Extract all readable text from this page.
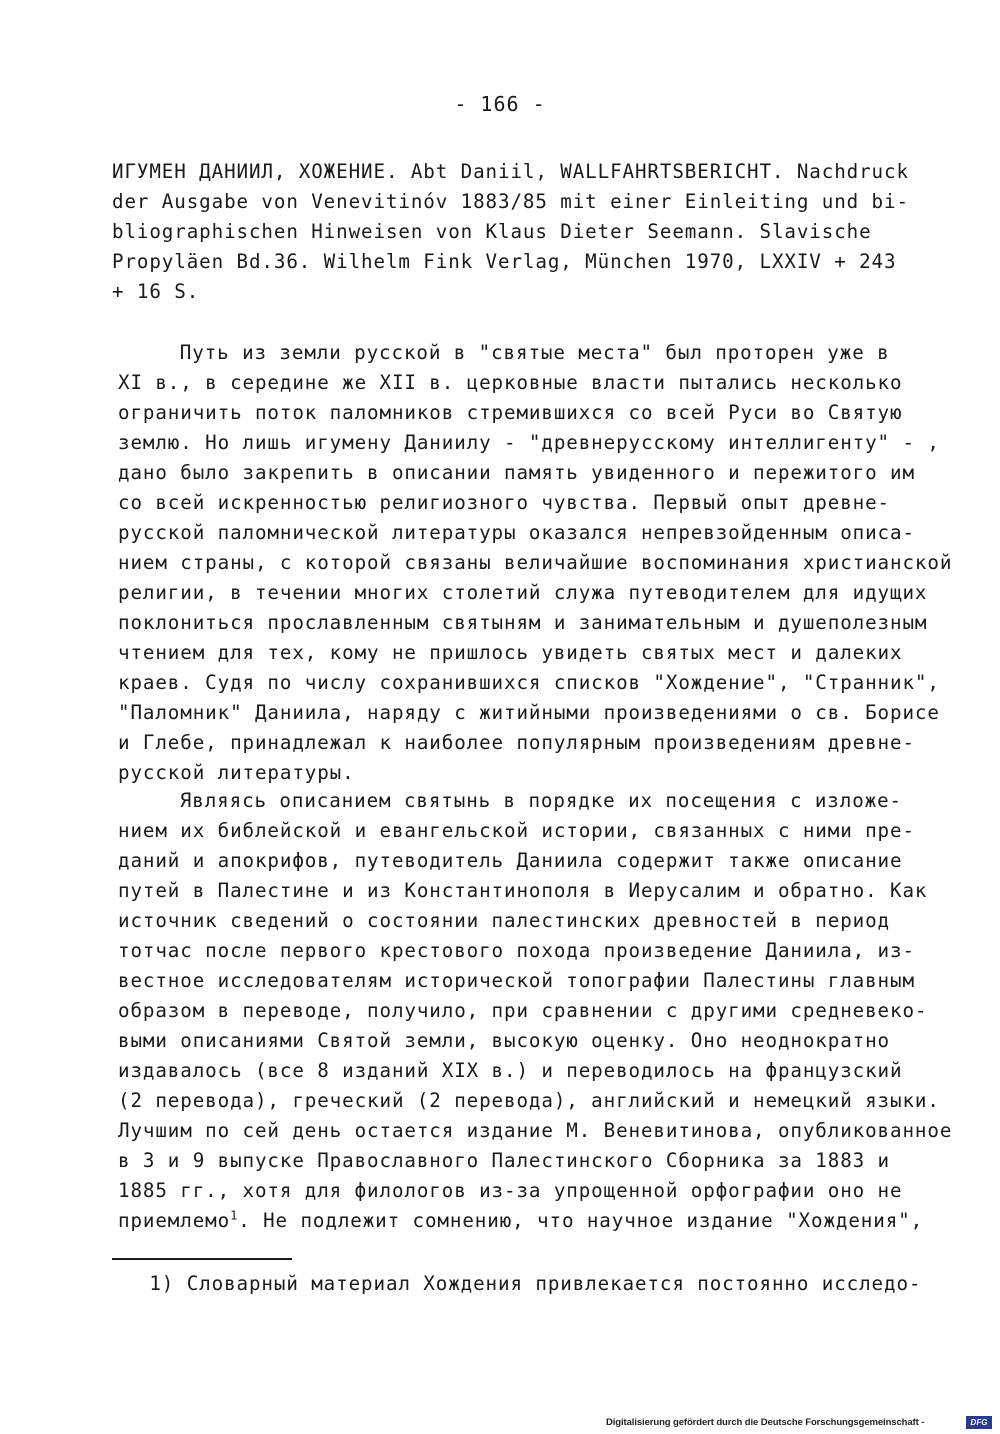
- 166 -
ИГУМЕН ДАНИИЛ, ХОЖЕНИЕ. Abt Daniil, WALLFAHRTSBERICHT. Nachdruck
der Ausgabe von Venevitinóv 1883/85 mit einer Einleiting und bi-
bliographischen Hinweisen von Klaus Dieter Seemann. Slavische
Propyläen Bd.36. Wilhelm Fink Verlag, München 1970, LXXIV + 243
+ 16 S.
Путь из земли русской в "святые места" был проторен уже в
XI в., в середине же XII в. церковные власти пытались несколько
ограничить поток паломников стремившихся со всей Руси во Святую
землю. Но лишь игумену Даниилу - "древнерусскому интеллигенту" - ,
дано было закрепить в описании память увиденного и пережитого им
со всей искренностью религиозного чувства. Первый опыт древне-
русской паломнической литературы оказался непревзойденным описа-
нием страны, с которой связаны величайшие воспоминания христианской
религии, в течении многих столетий служа путеводителем для идущих
поклониться прославленным святыням и занимательным и душеполезным
чтением для тех, кому не пришлось увидеть святых мест и далеких
краев. Судя по числу сохранившихся списков "Хождение", "Странник",
"Паломник" Даниила, наряду с житийными произведениями о св. Борисе
и Глебе, принадлежал к наиболее популярным произведениям древне-
русской литературы.
Являясь описанием святынь в порядке их посещения с изложе-
нием их библейской и евангельской истории, связанных с ними пре-
даний и апокрифов, путеводитель Даниила содержит также описание
путей в Палестине и из Константинополя в Иерусалим и обратно. Как
источник сведений о состоянии палестинских древностей в период
тотчас после первого крестового похода произведение Даниила, из-
вестное исследователям исторической топографии Палестины главным
образом в переводе, получило, при сравнении с другими средневеко-
выми описаниями Святой земли, высокую оценку. Оно неоднократно
издавалось (все 8 изданий XIX в.) и переводилось на французский
(2 перевода), греческий (2 перевода), английский и немецкий языки.
Лучшим по сей день остается издание М. Веневитинова, опубликованное
в 3 и 9 выпуске Православного Палестинского Сборника за 1883 и
1885 гг., хотя для филологов из-за упрощенной орфографии оно не
приемлемо$^1$. Не подлежит сомнению, что научное издание "Хождения",
1) Словарный материал Хождения привлекается постоянно исследо-
Digitalisierung gefördert durch die Deutsche Forschungsgemeinschaft -	DFG
